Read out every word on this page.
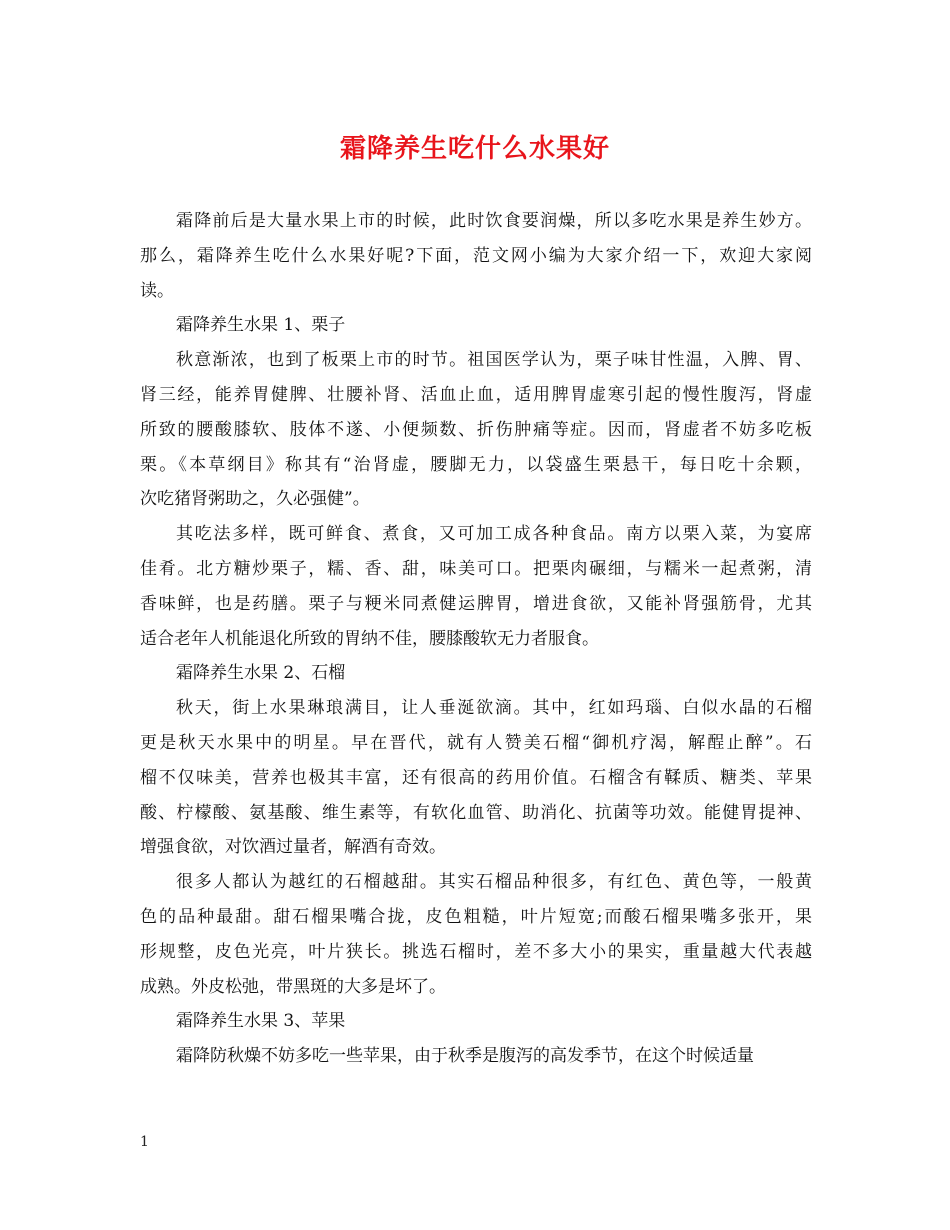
霜降养生吃什么水果好
霜降前后是大量水果上市的时候，此时饮食要润燥，所以多吃水果是养生妙方。
那么，霜降养生吃什么水果好呢?下面，范文网小编为大家介绍一下，欢迎大家阅
读。
霜降养生水果 1、栗子
秋意渐浓，也到了板栗上市的时节。祖国医学认为，栗子味甘性温，入脾、胃、
肾三经，能养胃健脾、壮腰补肾、活血止血，适用脾胃虚寒引起的慢性腹泻，肾虚
所致的腰酸膝软、肢体不遂、小便频数、折伤肿痛等症。因而，肾虚者不妨多吃板
栗。《本草纲目》称其有“治肾虚，腰脚无力，以袋盛生栗悬干，每日吃十余颗，
次吃猪肾粥助之，久必强健”。
其吃法多样，既可鲜食、煮食，又可加工成各种食品。南方以栗入菜，为宴席
佳肴。北方糖炒栗子，糯、香、甜，味美可口。把栗肉碾细，与糯米一起煮粥，清
香味鲜，也是药膳。栗子与粳米同煮健运脾胃，增进食欲，又能补肾强筋骨，尤其
适合老年人机能退化所致的胃纳不佳，腰膝酸软无力者服食。
霜降养生水果 2、石榴
秋天，街上水果琳琅满目，让人垂涎欲滴。其中，红如玛瑙、白似水晶的石榴
更是秋天水果中的明星。早在晋代，就有人赞美石榴“御机疗渴，解酲止醉”。石
榴不仅味美，营养也极其丰富，还有很高的药用价值。石榴含有鞣质、糖类、苹果
酸、柠檬酸、氨基酸、维生素等，有软化血管、助消化、抗菌等功效。能健胃提神、
增强食欲，对饮酒过量者，解酒有奇效。
很多人都认为越红的石榴越甜。其实石榴品种很多，有红色、黄色等，一般黄
色的品种最甜。甜石榴果嘴合拢，皮色粗糙，叶片短宽;而酸石榴果嘴多张开，果
形规整，皮色光亮，叶片狭长。挑选石榴时，差不多大小的果实，重量越大代表越
成熟。外皮松弛，带黑斑的大多是坏了。
霜降养生水果 3、苹果
霜降防秋燥不妨多吃一些苹果，由于秋季是腹泻的高发季节，在这个时候适量
1
